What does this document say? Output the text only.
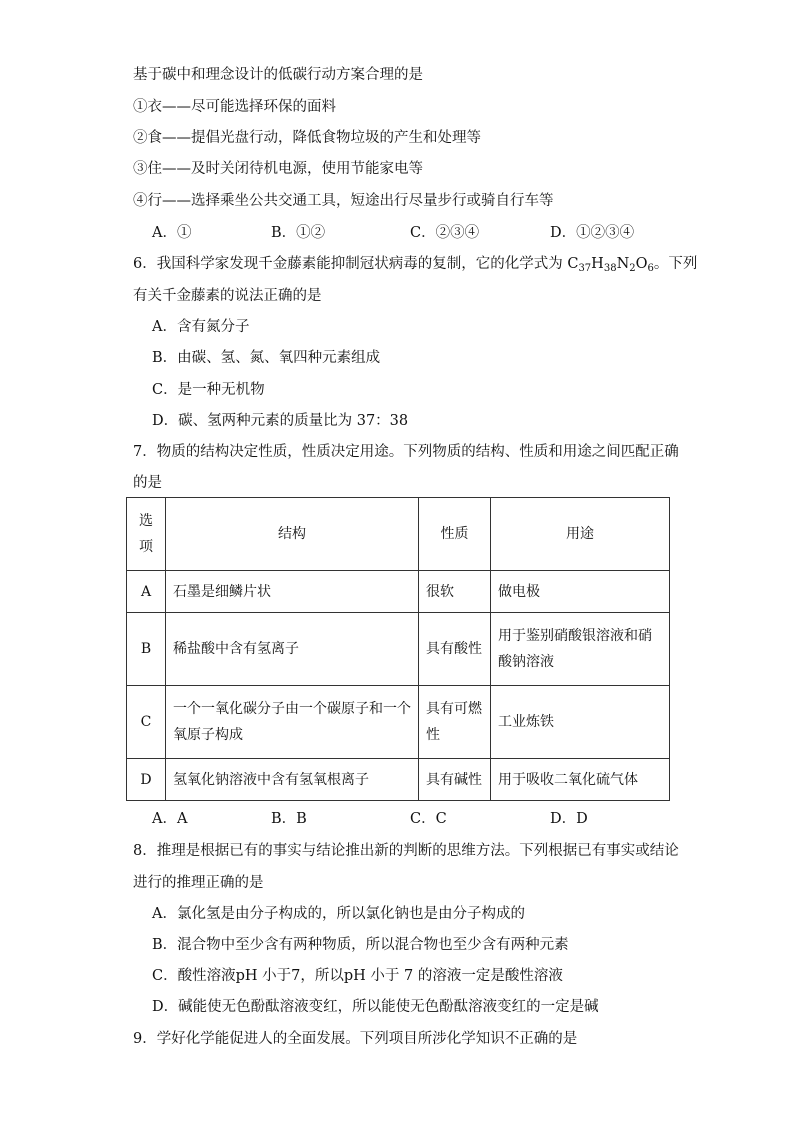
基于碳中和理念设计的低碳行动方案合理的是
①衣——尽可能选择环保的面料
②食——提倡光盘行动，降低食物垃圾的产生和处理等
③住——及时关闭待机电源，使用节能家电等
④行——选择乘坐公共交通工具，短途出行尽量步行或骑自行车等
A．①	B．①②	C．②③④	D．①②③④
6．我国科学家发现千金藤素能抑制冠状病毒的复制，它的化学式为 $C_{37}H_{38}N_2O_6$。下列
有关千金藤素的说法正确的是
A．含有氮分子
B．由碳、氢、氮、氧四种元素组成
C．是一种无机物
D．碳、氢两种元素的质量比为 37：38
7．物质的结构决定性质，性质决定用途。下列物质的结构、性质和用途之间匹配正确
的是
选项	结构	性质	用途
A	石墨是细鳞片状	很软	做电极
B	稀盐酸中含有氢离子	具有酸性	用于鉴别硝酸银溶液和硝酸钠溶液
C	一个一氧化碳分子由一个碳原子和一个氧原子构成	具有可燃性	工业炼铁
D	氢氧化钠溶液中含有氢氧根离子	具有碱性	用于吸收二氧化硫气体
A．A	B．B	C．C	D．D
8．推理是根据已有的事实与结论推出新的判断的思维方法。下列根据已有事实或结论
进行的推理正确的是
A．氯化氢是由分子构成的，所以氯化钠也是由分子构成的
B．混合物中至少含有两种物质，所以混合物也至少含有两种元素
C．酸性溶液pH 小于7，所以pH 小于 7 的溶液一定是酸性溶液
D．碱能使无色酚酞溶液变红，所以能使无色酚酞溶液变红的一定是碱
9．学好化学能促进人的全面发展。下列项目所涉化学知识不正确的是
